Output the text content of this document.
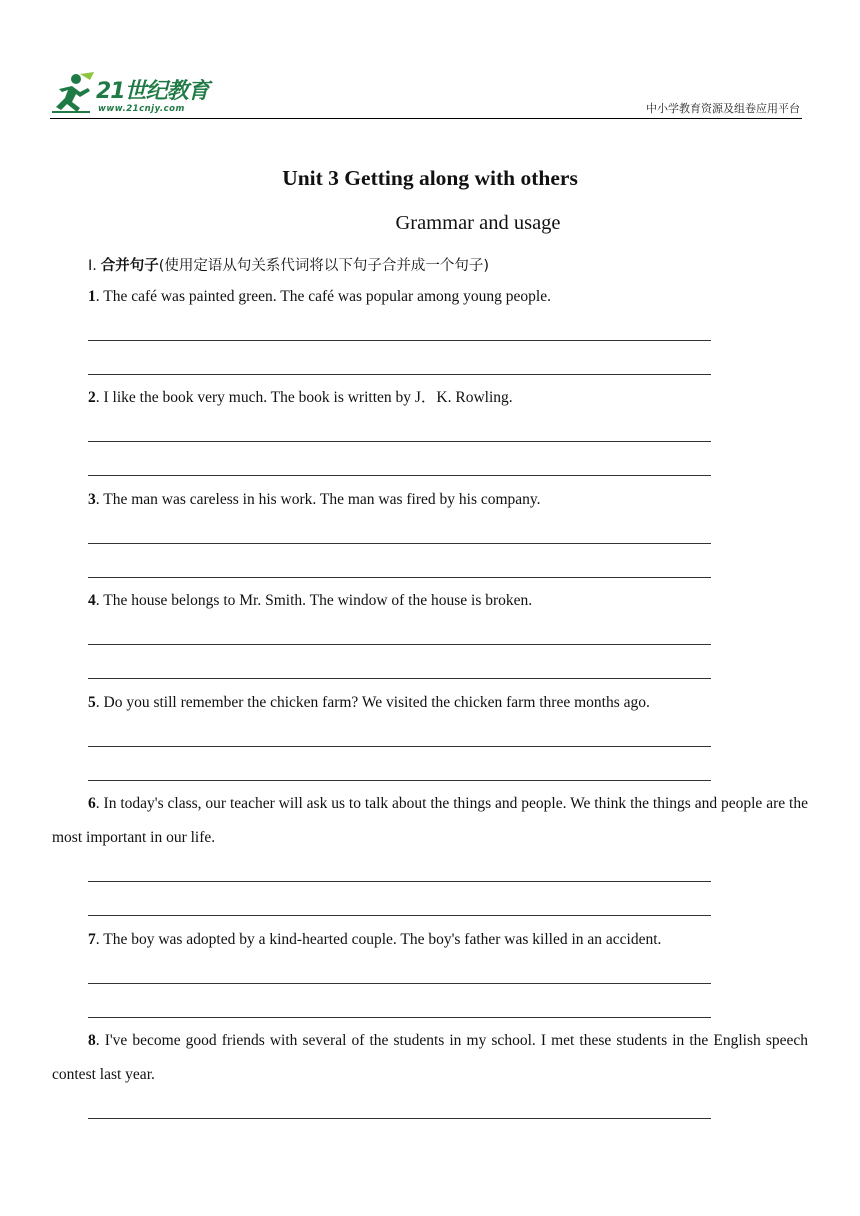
21世纪教育
www.21cnjy.com	中小学教育资源及组卷应用平台
Unit 3 Getting along with others
Grammar and usage
Ⅰ. 合并句子(使用定语从句关系代词将以下句子合并成一个句子)
1. The café was painted green. The café was popular among young people.
2. I like the book very much. The book is written by J．K. Rowling.
3. The man was careless in his work. The man was fired by his company.
4. The house belongs to Mr. Smith. The window of the house is broken.
5. Do you still remember the chicken farm? We visited the chicken farm three months ago.
6. In today's class, our teacher will ask us to talk about the things and people. We think the things and people are the most important in our life.
7. The boy was adopted by a kind‐hearted couple. The boy's father was killed in an accident.
8. I've become good friends with several of the students in my school. I met these students in the English speech contest last year.
